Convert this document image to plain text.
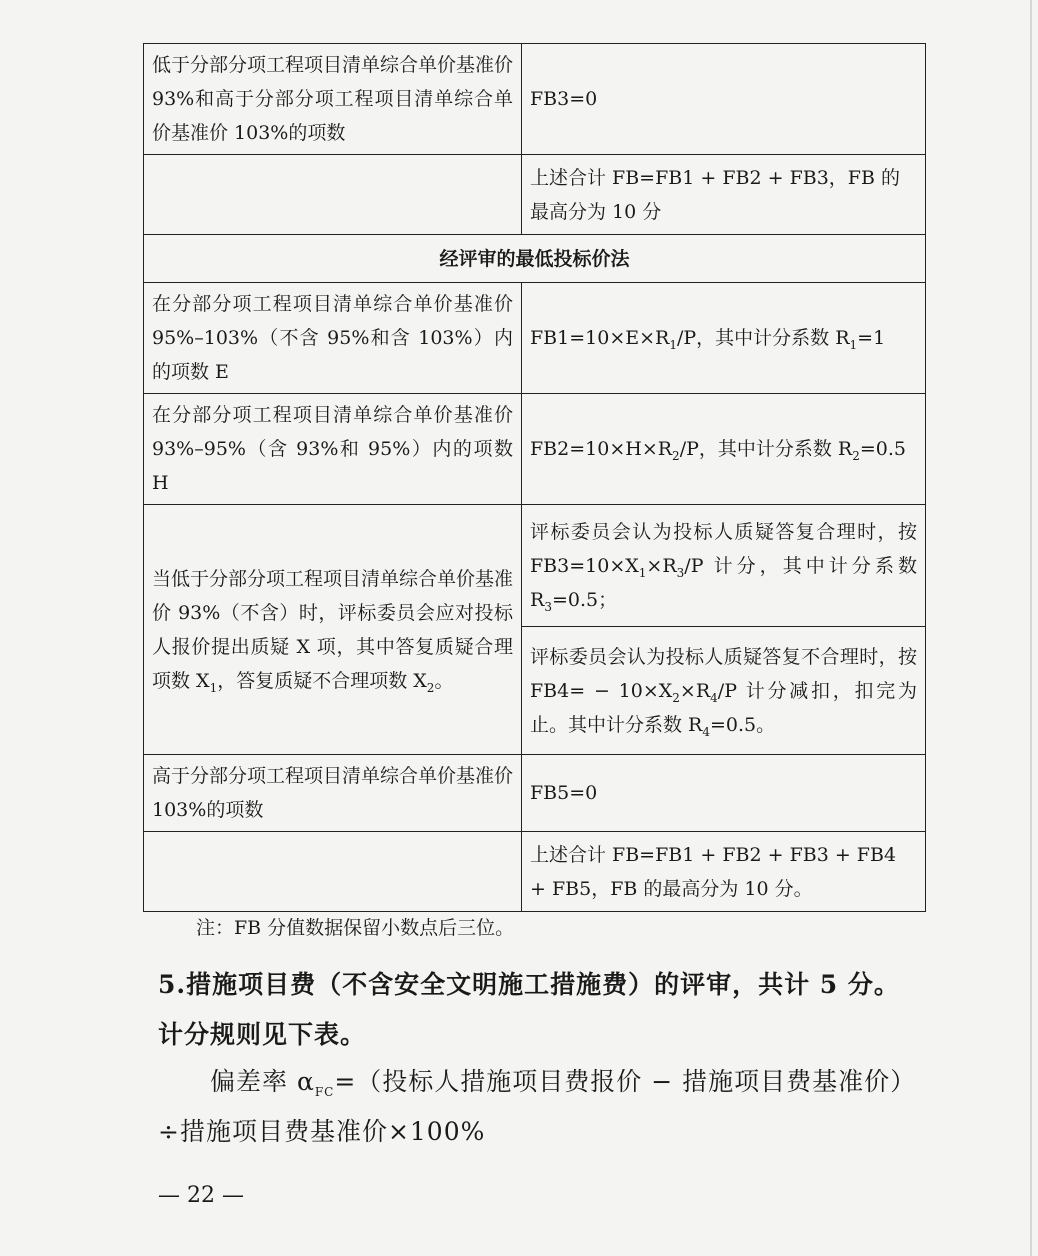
低于分部分项工程项目清单综合单价基准价 93%和高于分部分项工程项目清单综合单价基准价 103%的项数	FB3=0
	上述合计 FB=FB1 + FB2 + FB3，FB 的最高分为 10 分
经评审的最低投标价法	
在分部分项工程项目清单综合单价基准价 95%–103%（不含 95%和含 103%）内的项数 E	$FB1=10\times E\times R_1/P$，其中计分系数 $R_1=1$
在分部分项工程项目清单综合单价基准价 93%–95%（含 93%和 95%）内的项数 H	$FB2=10\times H\times R_2/P$，其中计分系数 $R_2=0.5$
当低于分部分项工程项目清单综合单价基准价 93%（不含）时，评标委员会应对投标人报价提出质疑 X 项，其中答复质疑合理项数 $X_1$，答复质疑不合理项数 $X_2$。	评标委员会认为投标人质疑答复合理时，按 $FB3=10\times X_1\times R_3/P$ 计分，其中计分系数 $R_3=0.5$；
	评标委员会认为投标人质疑答复不合理时，按 $FB4= - 10\times X_2\times R_4/P$ 计分减扣，扣完为止。其中计分系数 $R_4=0.5$。
高于分部分项工程项目清单综合单价基准价 103%的项数	FB5=0
	上述合计 FB=FB1 + FB2 + FB3 + FB4 + FB5，FB 的最高分为 10 分。
注：FB 分值数据保留小数点后三位。
5.措施项目费（不含安全文明施工措施费）的评审，共计 5 分。
计分规则见下表。
偏差率 $\alpha_{FC}=$（投标人措施项目费报价 − 措施项目费基准价）
÷措施项目费基准价×100%
— 22 —
